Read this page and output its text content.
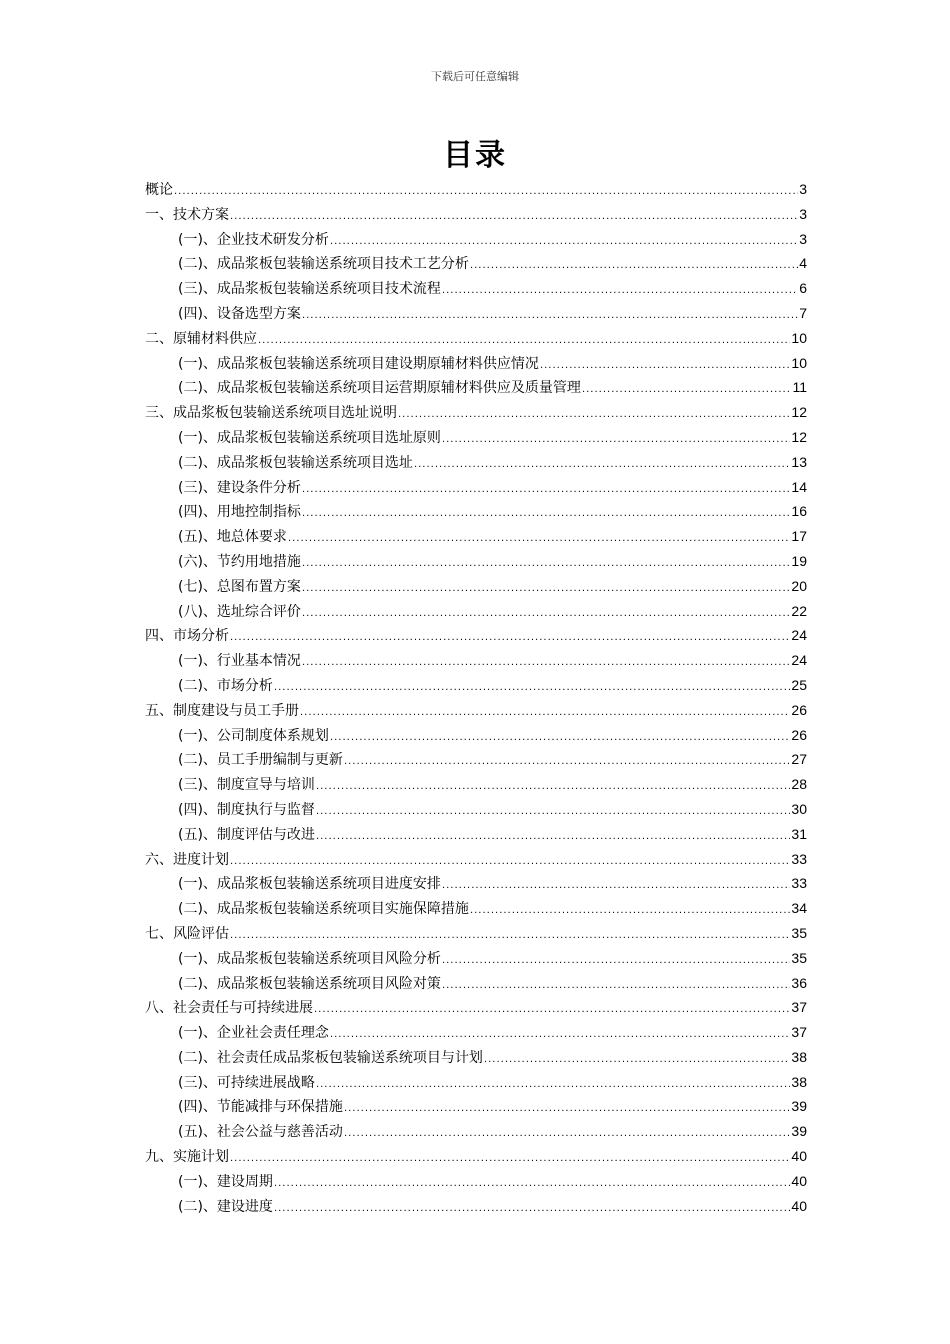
下载后可任意编辑
目录
概论 .....	3
一、技术方案 .....	3
(一)、企业技术研发分析 .....	3
(二)、成品浆板包装输送系统项目技术工艺分析 .....	4
(三)、成品浆板包装输送系统项目技术流程 .....	6
(四)、设备选型方案 .....	7
二、原辅材料供应 .....	10
(一)、成品浆板包装输送系统项目建设期原辅材料供应情况 .....	10
(二)、成品浆板包装输送系统项目运营期原辅材料供应及质量管理 .....	11
三、成品浆板包装输送系统项目选址说明 .....	12
(一)、成品浆板包装输送系统项目选址原则 .....	12
(二)、成品浆板包装输送系统项目选址 .....	13
(三)、建设条件分析 .....	14
(四)、用地控制指标 .....	16
(五)、地总体要求 .....	17
(六)、节约用地措施 .....	19
(七)、总图布置方案 .....	20
(八)、选址综合评价 .....	22
四、市场分析 .....	24
(一)、行业基本情况 .....	24
(二)、市场分析 .....	25
五、制度建设与员工手册 .....	26
(一)、公司制度体系规划 .....	26
(二)、员工手册编制与更新 .....	27
(三)、制度宣导与培训 .....	28
(四)、制度执行与监督 .....	30
(五)、制度评估与改进 .....	31
六、进度计划 .....	33
(一)、成品浆板包装输送系统项目进度安排 .....	33
(二)、成品浆板包装输送系统项目实施保障措施 .....	34
七、风险评估 .....	35
(一)、成品浆板包装输送系统项目风险分析 .....	35
(二)、成品浆板包装输送系统项目风险对策 .....	36
八、社会责任与可持续进展 .....	37
(一)、企业社会责任理念 .....	37
(二)、社会责任成品浆板包装输送系统项目与计划 .....	38
(三)、可持续进展战略 .....	38
(四)、节能减排与环保措施 .....	39
(五)、社会公益与慈善活动 .....	39
九、实施计划 .....	40
(一)、建设周期 .....	40
(二)、建设进度 .....	40
